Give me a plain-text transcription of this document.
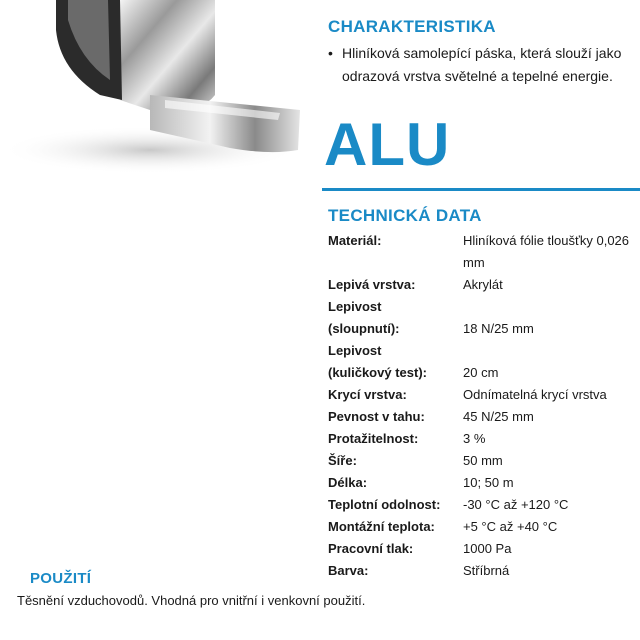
CHARAKTERISTIKA
• Hliníková samolepící páska, která slouží jako odrazová vrstva světelné a tepelné energie.
ALU
TECHNICKÁ DATA
Materiál:	Hliníková fólie tloušťky 0,026 mm
Lepivá vrstva:	Akrylát
Lepivost
(sloupnutí):	18 N/25 mm
Lepivost
(kuličkový test):	20 cm
Krycí vrstva:	Odnímatelná krycí vrstva
Pevnost v tahu:	45 N/25 mm
Protažitelnost:	3 %
Šíře:	50 mm
Délka:	10; 50 m
Teplotní odolnost: -30 °C až +120 °C
Montážní teplota: +5 °C až +40 °C
Pracovní tlak:	1000 Pa
Barva:	Stříbrná
POUŽITÍ
Těsnění vzduchovodů. Vhodná pro vnitřní i venkovní použití.
